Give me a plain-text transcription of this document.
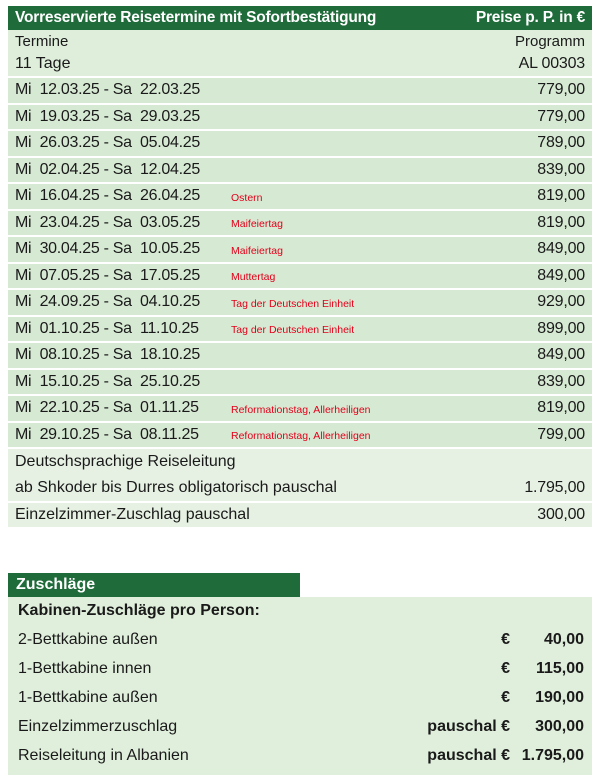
Vorreservierte Reisetermine mit Sofortbestätigung	Preise p. P. in €
Termine	Programm
11 Tage	AL 00303
Mi  12.03.25 - Sa  22.03.25	779,00
Mi  19.03.25 - Sa  29.03.25	779,00
Mi  26.03.25 - Sa  05.04.25	789,00
Mi  02.04.25 - Sa  12.04.25	839,00
Mi  16.04.25 - Sa  26.04.25	Ostern	819,00
Mi  23.04.25 - Sa  03.05.25	Maifeiertag	819,00
Mi  30.04.25 - Sa  10.05.25	Maifeiertag	849,00
Mi  07.05.25 - Sa  17.05.25	Muttertag	849,00
Mi  24.09.25 - Sa  04.10.25	Tag der Deutschen Einheit	929,00
Mi  01.10.25 - Sa  11.10.25	Tag der Deutschen Einheit	899,00
Mi  08.10.25 - Sa  18.10.25	849,00
Mi  15.10.25 - Sa  25.10.25	839,00
Mi  22.10.25 - Sa  01.11.25	Reformationstag, Allerheiligen	819,00
Mi  29.10.25 - Sa  08.11.25	Reformationstag, Allerheiligen	799,00
Deutschsprachige Reiseleitung
ab Shkoder bis Durres obligatorisch pauschal	1.795,00
Einzelzimmer-Zuschlag pauschal	300,00
Zuschläge
Kabinen-Zuschläge pro Person:
2-Bettkabine außen	€	40,00
1-Bettkabine innen	€	115,00
1-Bettkabine außen	€	190,00
Einzelzimmerzuschlag	pauschal €	300,00
Reiseleitung in Albanien	pauschal € 1.795,00
